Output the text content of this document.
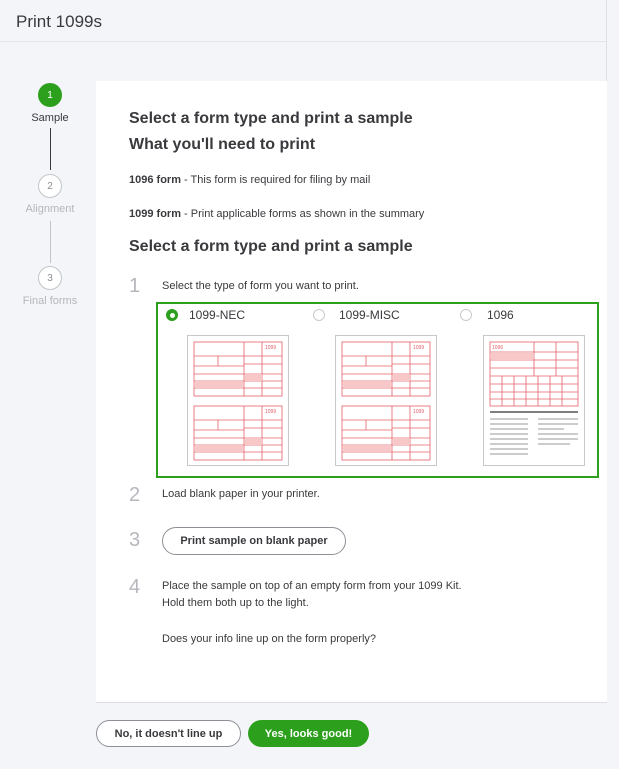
Print 1099s
1
Sample
2
Alignment
3
Final forms
Select a form type and print a sample
What you'll need to print
1096 form - This form is required for filing by mail
1099 form - Print applicable forms as shown in the summary
Select a form type and print a sample
1 Select the type of form you want to print.
1099-NEC	1099-MISC	1096
1099
1099
1099
1099
1096
2 Load blank paper in your printer.
3	Print sample on blank paper
4 Place the sample on top of an empty form from your 1099 Kit.
Hold them both up to the light.
Does your info line up on the form properly?
No, it doesn't line up	Yes, looks good!
